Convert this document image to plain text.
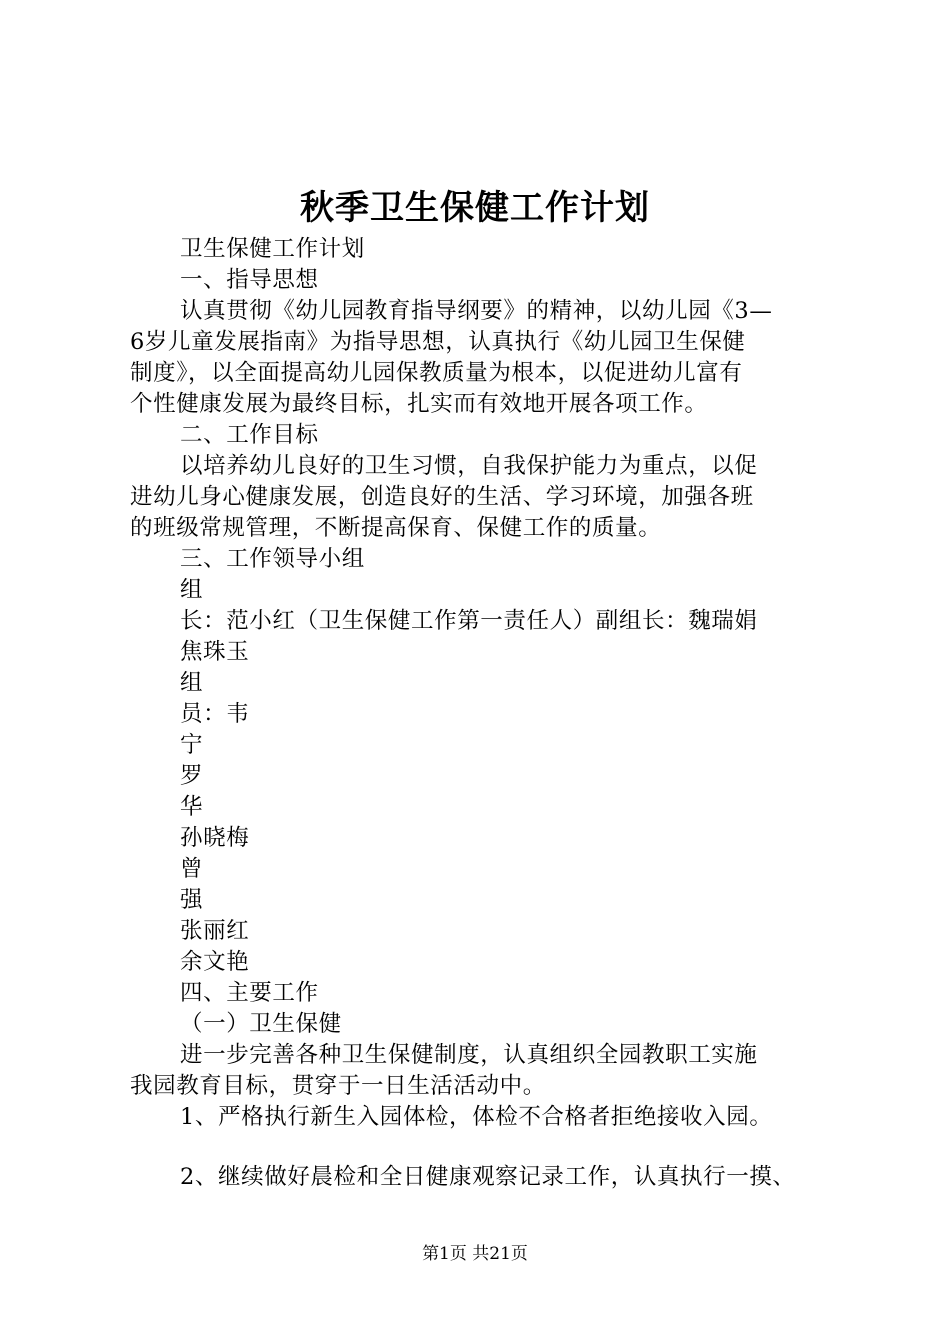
秋季卫生保健工作计划

卫生保健工作计划

一、指导思想

认真贯彻《幼儿园教育指导纲要》的精神，以幼儿园《3—

6岁儿童发展指南》为指导思想，认真执行《幼儿园卫生保健

制度》，以全面提高幼儿园保教质量为根本，以促进幼儿富有

个性健康发展为最终目标，扎实而有效地开展各项工作。

二、工作目标

以培养幼儿良好的卫生习惯，自我保护能力为重点，以促

进幼儿身心健康发展，创造良好的生活、学习环境，加强各班

的班级常规管理，不断提高保育、保健工作的质量。

三、工作领导小组

组

长：范小红（卫生保健工作第一责任人）副组长：魏瑞娟

焦珠玉

组

员：韦

宁

罗

华

孙晓梅

曾

强

张丽红

余文艳

四、主要工作

（一）卫生保健

进一步完善各种卫生保健制度，认真组织全园教职工实施

我园教育目标，贯穿于一日生活活动中。

1、严格执行新生入园体检，体检不合格者拒绝接收入园。

2、继续做好晨检和全日健康观察记录工作，认真执行一摸、

第1页 共21页
